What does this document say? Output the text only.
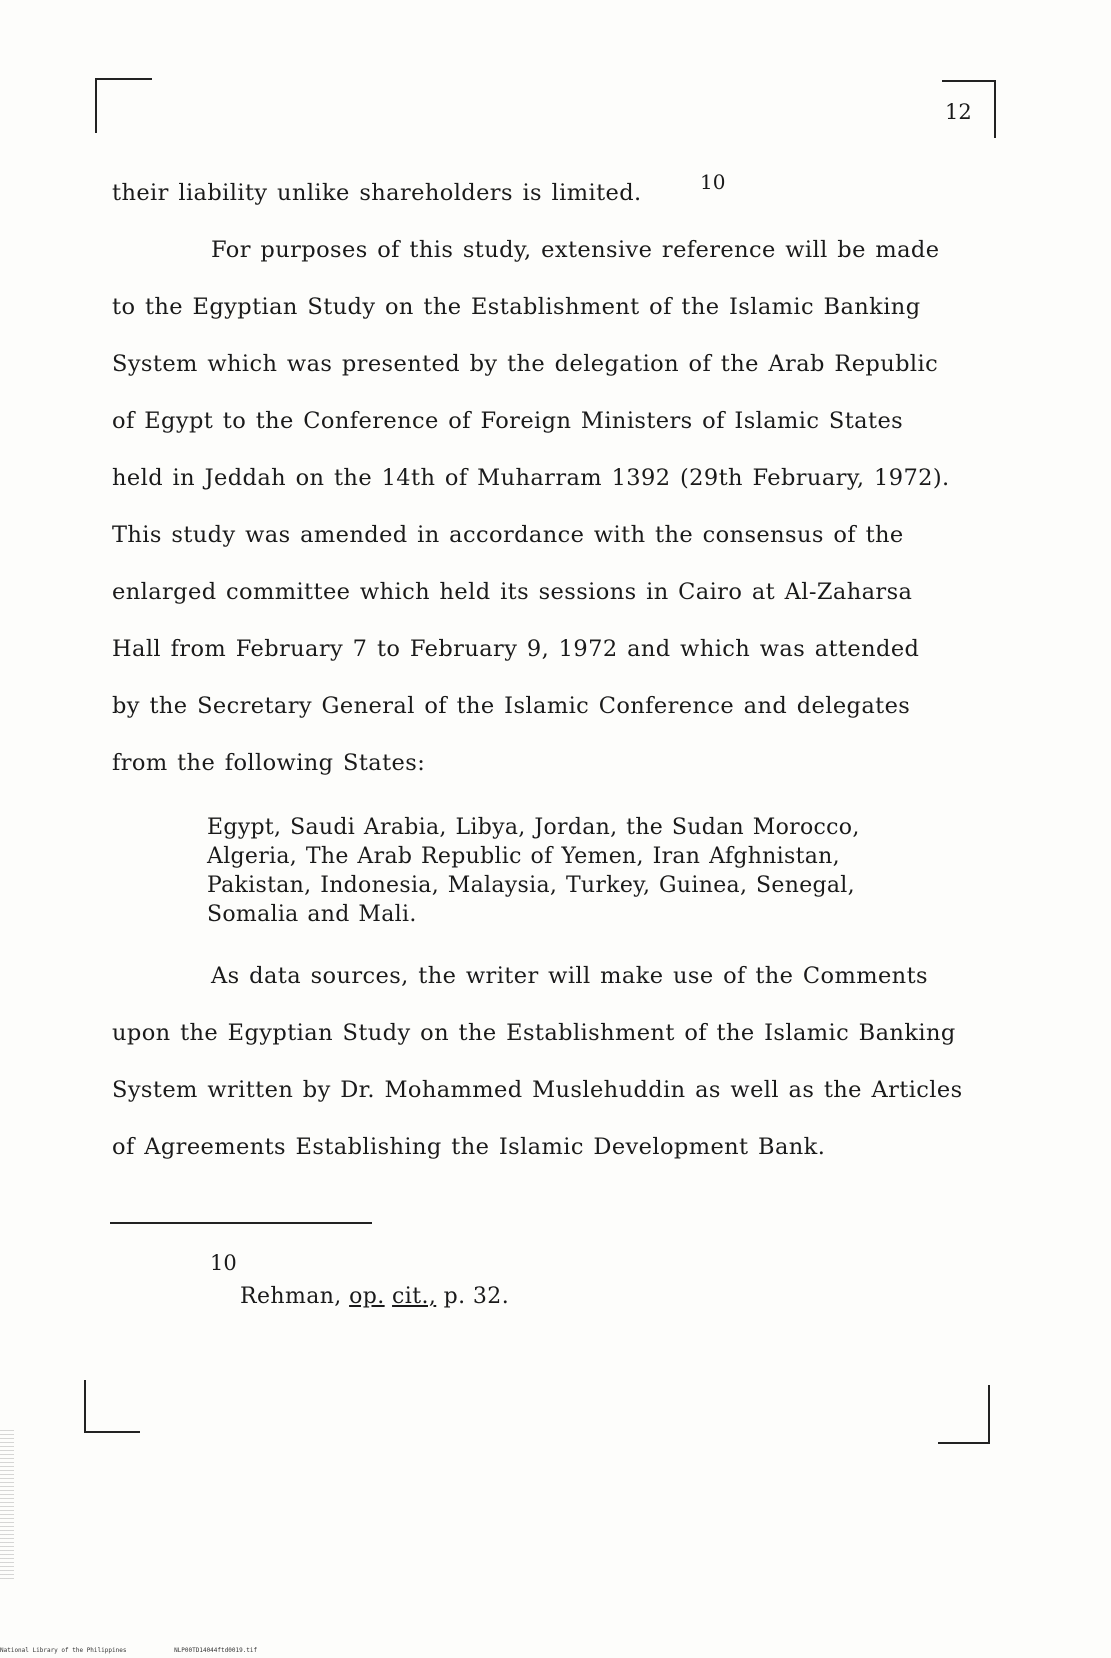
12
their liability unlike shareholders is limited.	10
For purposes of this study, extensive reference will be made
to the Egyptian Study on the Establishment of the Islamic Banking
System which was presented by the delegation of the Arab Republic
of Egypt to the Conference of Foreign Ministers of Islamic States
held in Jeddah on the 14th of Muharram 1392 (29th February, 1972).
This study was amended in accordance with the consensus of the
enlarged committee which held its sessions in Cairo at Al-Zaharsa
Hall from February 7 to February 9, 1972 and which was attended
by the Secretary General of the Islamic Conference and delegates
from the following States:
Egypt, Saudi Arabia, Libya, Jordan, the Sudan Morocco,
Algeria, The Arab Republic of Yemen, Iran Afghnistan,
Pakistan, Indonesia, Malaysia, Turkey, Guinea, Senegal,
Somalia and Mali.
As data sources, the writer will make use of the Comments
upon the Egyptian Study on the Establishment of the Islamic Banking
System written by Dr. Mohammed Muslehuddin as well as the Articles
of Agreements Establishing the Islamic Development Bank.
10
Rehman, op. cit., p. 32.
National Library of the Philippines	NLP00TD14044ftd0019.tif
